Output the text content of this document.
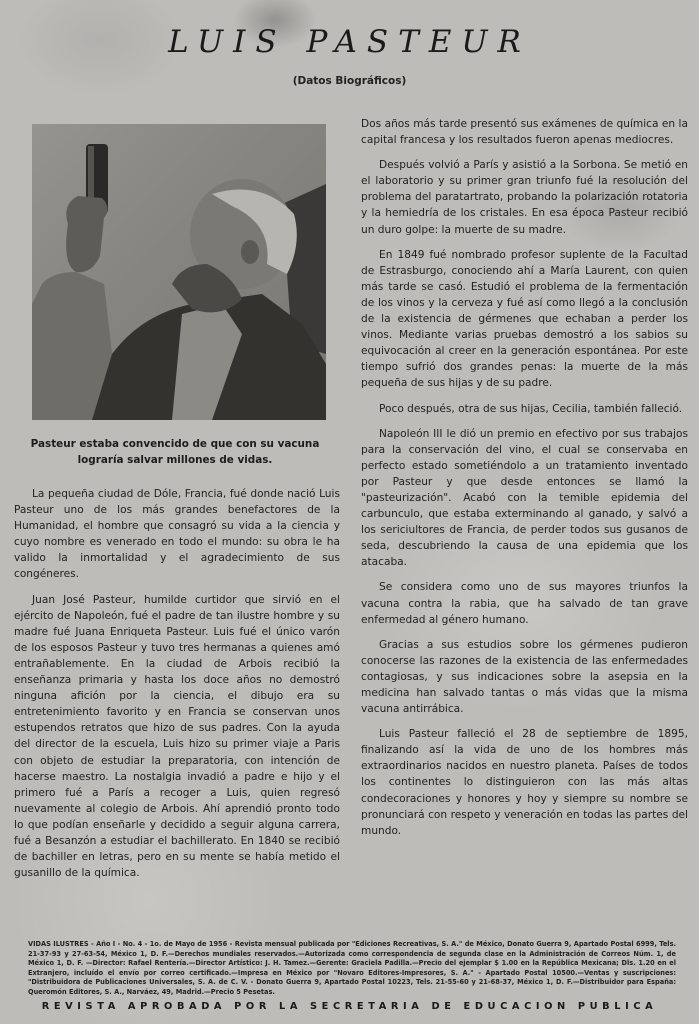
LUIS PASTEUR
(Datos Biográficos)
Pasteur estaba convencido de que con su vacuna lograría salvar millones de vidas.

La pequeña ciudad de Dóle, Francia, fué donde nació Luis Pasteur uno de los más grandes benefactores de la Humanidad, el hombre que consagró su vida a la ciencia y cuyo nombre es venerado en todo el mundo: su obra le ha valido la inmortalidad y el agradecimiento de sus congéneres.

Juan José Pasteur, humilde curtidor que sirvió en el ejército de Napoleón, fué el padre de tan ilustre hombre y su madre fué Juana Enriqueta Pasteur. Luis fué el único varón de los esposos Pasteur y tuvo tres hermanas a quienes amó entrañablemente. En la ciudad de Arbois recibió la enseñanza primaria y hasta los doce años no demostró ninguna afición por la ciencia, el dibujo era su entretenimiento favorito y en Francia se conservan unos estupendos retratos que hizo de sus padres. Con la ayuda del director de la escuela, Luis hizo su primer viaje a Paris con objeto de estudiar la preparatoria, con intención de hacerse maestro. La nostalgia invadió a padre e hijo y el primero fué a París a recoger a Luis, quien regresó nuevamente al colegio de Arbois. Ahí aprendió pronto todo lo que podían enseñarle y decidido a seguir alguna carrera, fué a Besanzón a estudiar el bachillerato. En 1840 se recibió de bachiller en letras, pero en su mente se había metido el gusanillo de la química.

Dos años más tarde presentó sus exámenes de química en la capital francesa y los resultados fueron apenas mediocres.

Después volvió a París y asistió a la Sorbona. Se metió en el laboratorio y su primer gran triunfo fué la resolución del problema del paratartrato, probando la polarización rotatoria y la hemiedría de los cristales. En esa época Pasteur recibió un duro golpe: la muerte de su madre.

En 1849 fué nombrado profesor suplente de la Facultad de Estrasburgo, conociendo ahí a María Laurent, con quien más tarde se casó. Estudió el problema de la fermentación de los vinos y la cerveza y fué así como llegó a la conclusión de la existencia de gérmenes que echaban a perder los vinos. Mediante varias pruebas demostró a los sabios su equivocación al creer en la generación espontánea. Por este tiempo sufrió dos grandes penas: la muerte de la más pequeña de sus hijas y de su padre.

Poco después, otra de sus hijas, Cecilia, también falleció.

Napoleón III le dió un premio en efectivo por sus trabajos para la conservación del vino, el cual se conservaba en perfecto estado sometiéndolo a un tratamiento inventado por Pasteur y que desde entonces se llamó la "pasteurización". Acabó con la temible epidemia del carbunculo, que estaba exterminando al ganado, y salvó a los sericiultores de Francia, de perder todos sus gusanos de seda, descubriendo la causa de una epidemia que los atacaba.

Se considera como uno de sus mayores triunfos la vacuna contra la rabia, que ha salvado de tan grave enfermedad al género humano.

Gracias a sus estudios sobre los gérmenes pudieron conocerse las razones de la existencia de las enfermedades contagiosas, y sus indicaciones sobre la asepsia en la medicina han salvado tantas o más vidas que la misma vacuna antirrábica.

Luis Pasteur falleció el 28 de septiembre de 1895, finalizando así la vida de uno de los hombres más extraordinarios nacidos en nuestro planeta. Países de todos los continentes lo distinguieron con las más altas condecoraciones y honores y hoy y siempre su nombre se pronunciará con respeto y veneración en todas las partes del mundo.

VIDAS ILUSTRES - Año I - No. 4 - 1o. de Mayo de 1956 - Revista mensual publicada por "Ediciones Recreativas, S. A." de México, Donato Guerra 9, Apartado Postal 6999, Tels. 21-37-93 y 27-63-54, México 1, D. F.—Derechos mundiales reservados.—Autorizada como correspondencia de segunda clase en la Administración de Correos Núm. 1, de México 1, D. F. —Director: Rafael Rentería.—Director Artístico: J. H. Tamez.—Gerente: Graciela Padilla.—Precio del ejemplar $ 1.00 en la República Mexicana; Dls. 1.20 en el Extranjero, incluído el envío por correo certificado.—Impresa en México por "Novaro Editores-Impresores, S. A." - Apartado Postal 10500.—Ventas y suscripciones: "Distribuidora de Publicaciones Universales, S. A. de C. V. - Donato Guerra 9, Apartado Postal 10223, Tels. 21-55-60 y 21-68-37, México 1, D. F.—Distribuidor para España: Queromón Editores, S. A., Narváez, 49, Madrid.—Precio 5 Pesetas.
REVISTA APROBADA POR LA SECRETARIA DE EDUCACION PUBLICA
